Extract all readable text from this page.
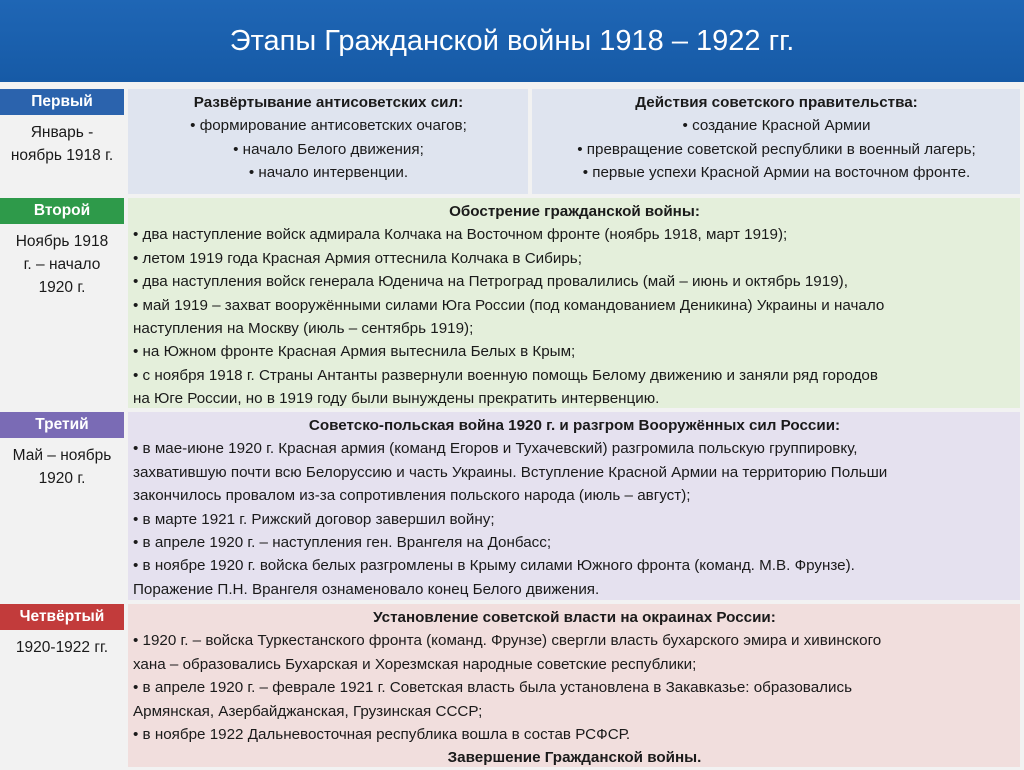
Этапы Гражданской войны 1918 – 1922 гг.
Первый
Январь -
ноябрь 1918 г.
Развёртывание антисоветских сил:
• формирование антисоветских очагов;
• начало Белого движения;
• начало интервенции.
Действия советского правительства:
• создание Красной Армии
• превращение советской республики в военный лагерь;
• первые успехи Красной Армии на восточном фронте.
Второй
Ноябрь 1918
г. – начало
1920 г.
Обострение гражданской войны:
• два наступление войск адмирала Колчака на Восточном фронте (ноябрь 1918, март 1919);
• летом 1919 года Красная Армия оттеснила Колчака в Сибирь;
• два наступления войск генерала Юденича на Петроград провалились (май – июнь и октябрь 1919),
• май 1919 – захват вооружёнными силами Юга России (под командованием Деникина) Украины и начало
наступления на Москву (июль – сентябрь 1919);
• на Южном фронте Красная Армия вытеснила Белых в Крым;
• с ноября 1918 г. Страны Антанты развернули военную помощь Белому движению и заняли ряд городов
на Юге России, но в 1919 году были вынуждены прекратить интервенцию.
Третий
Май – ноябрь
1920 г.
Советско-польская война 1920 г. и разгром Вооружённых сил России:
• в мае-июне 1920 г. Красная армия (команд Егоров и Тухачевский) разгромила польскую группировку,
захватившую почти всю Белоруссию и часть Украины. Вступление Красной Армии на территорию Польши
закончилось провалом из-за сопротивления польского народа (июль – август);
• в марте 1921 г. Рижский договор завершил войну;
• в апреле 1920 г. – наступления ген. Врангеля на Донбасс;
• в ноябре 1920 г. войска белых разгромлены в Крыму силами Южного фронта (команд. М.В. Фрунзе).
Поражение П.Н. Врангеля ознаменовало конец Белого движения.
Четвёртый
1920-1922 гг.
Установление советской власти на окраинах России:
• 1920 г. – войска Туркестанского фронта (команд. Фрунзе) свергли власть бухарского эмира и хивинского
хана – образовались Бухарская и Хорезмская народные советские республики;
• в апреле 1920 г. – феврале 1921 г. Советская власть была установлена в Закавказье: образовались
Армянская, Азербайджанская, Грузинская СССР;
• в ноябре 1922 Дальневосточная республика вошла в состав РСФСР.
Завершение Гражданской войны.
